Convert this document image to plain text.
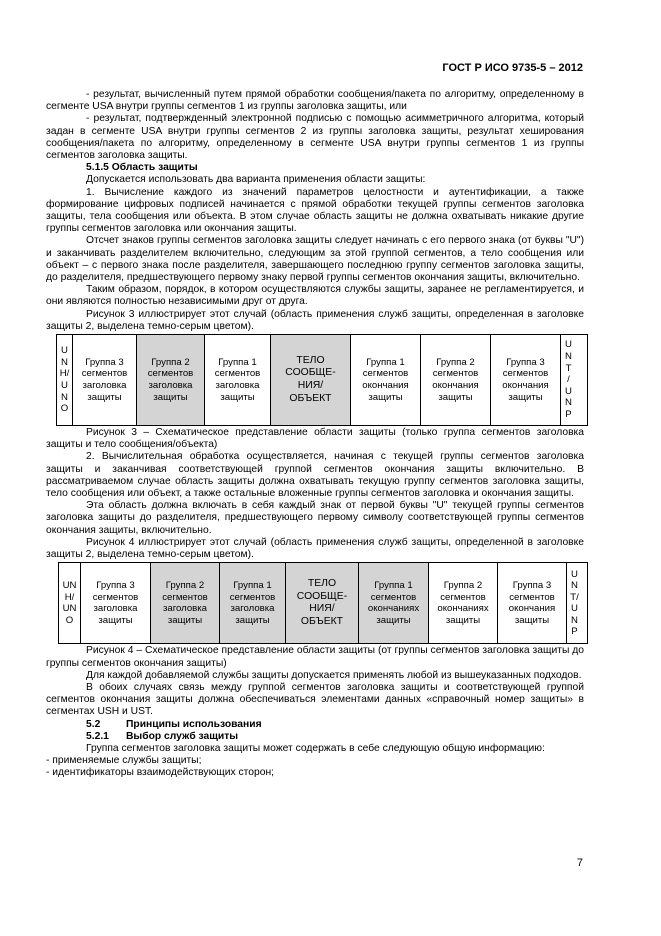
ГОСТ Р ИСО 9735-5 – 2012

- результат, вычисленный путем прямой обработки сообщения/пакета по алгоритму, определенному в сегменте USA внутри группы сегментов 1 из группы заголовка защиты, или

- результат, подтвержденный электронной подписью с помощью асимметричного алгоритма, который задан в сегменте USA внутри группы сегментов 2 из группы заголовка защиты, результат хеширования сообщения/пакета по алгоритму, определенному в сегменте USA внутри группы сегментов 1 из группы сегментов заголовка защиты.

5.1.5 Область защиты

Допускается использовать два варианта применения области защиты:

1. Вычисление каждого из значений параметров целостности и аутентификации, а также формирование цифровых подписей начинается с прямой обработки текущей группы сегментов заголовка защиты, тела сообщения или объекта. В этом случае область защиты не должна охватывать никакие другие группы сегментов заголовка или окончания защиты.

Отсчет знаков группы сегментов заголовка защиты следует начинать с его первого знака (от буквы "U") и заканчивать разделителем включительно, следующим за этой группой сегментов, а тело сообщения или объект – с первого знака после разделителя, завершающего последнюю группу сегментов заголовка защиты, до разделителя, предшествующего первому знаку первой группы сегментов окончания защиты, включительно.

Таким образом, порядок, в котором осуществляются службы защиты, заранее не регламентируется, и они являются полностью независимыми друг от друга.

Рисунок 3 иллюстрирует этот случай (область применения служб защиты, определенная в заголовке защиты 2, выделена темно-серым цветом).

U
N
H/
U
N
O
Группа 3
сегментов
заголовка
защиты
Группа 2
сегментов
заголовка
защиты
Группа 1
сегментов
заголовка
защиты
ТЕЛО
СООБЩЕ-
НИЯ/
ОБЪЕКТ
Группа 1
сегментов
окончания
защиты
Группа 2
сегментов
окончания
защиты
Группа 3
сегментов
окончания
защиты
U
N
T
/
U
N
P

Рисунок 3 – Схематическое представление области защиты (только группа сегментов заголовка защиты и тело сообщения/объекта)

2. Вычислительная обработка осуществляется, начиная с текущей группы сегментов заголовка защиты и заканчивая соответствующей группой сегментов окончания защиты включительно. В рассматриваемом случае область защиты должна охватывать текущую группу сегментов заголовка защиты, тело сообщения или объект, а также остальные вложенные группы сегментов заголовка и окончания защиты.

Эта область должна включать в себя каждый знак от первой буквы "U" текущей группы сегментов заголовка защиты до разделителя, предшествующего первому символу соответствующей группы сегментов окончания защиты, включительно.

Рисунок 4 иллюстрирует этот случай (область применения служб защиты, определенной в заголовке защиты 2, выделена темно-серым цветом).

UN
H/
UN
O
Группа 3
сегментов
заголовка
защиты
Группа 2
сегментов
заголовка
защиты
Группа 1
сегментов
заголовка
защиты
ТЕЛО
СООБЩЕ-
НИЯ/
ОБЪЕКТ
Группа 1
сегментов
окончаниях
защиты
Группа 2
сегментов
окончаниях
защиты
Группа 3
сегментов
окончания
защиты
U
N
T/
U
N
P

Рисунок 4 – Схематическое представление области защиты (от группы сегментов заголовка защиты до группы сегментов окончания защиты)

Для каждой добавляемой службы защиты допускается применять любой из вышеуказанных подходов.

В обоих случаях связь между группой сегментов заголовка защиты и соответствующей группой сегментов окончания защиты должна обеспечиваться элементами данных «справочный номер защиты» в сегментах USH и UST.

5.2	Принципы использования
5.2.1	Выбор служб защиты

Группа сегментов заголовка защиты может содержать в себе следующую общую информацию:

- применяемые службы защиты;

- идентификаторы взаимодействующих сторон;

7
